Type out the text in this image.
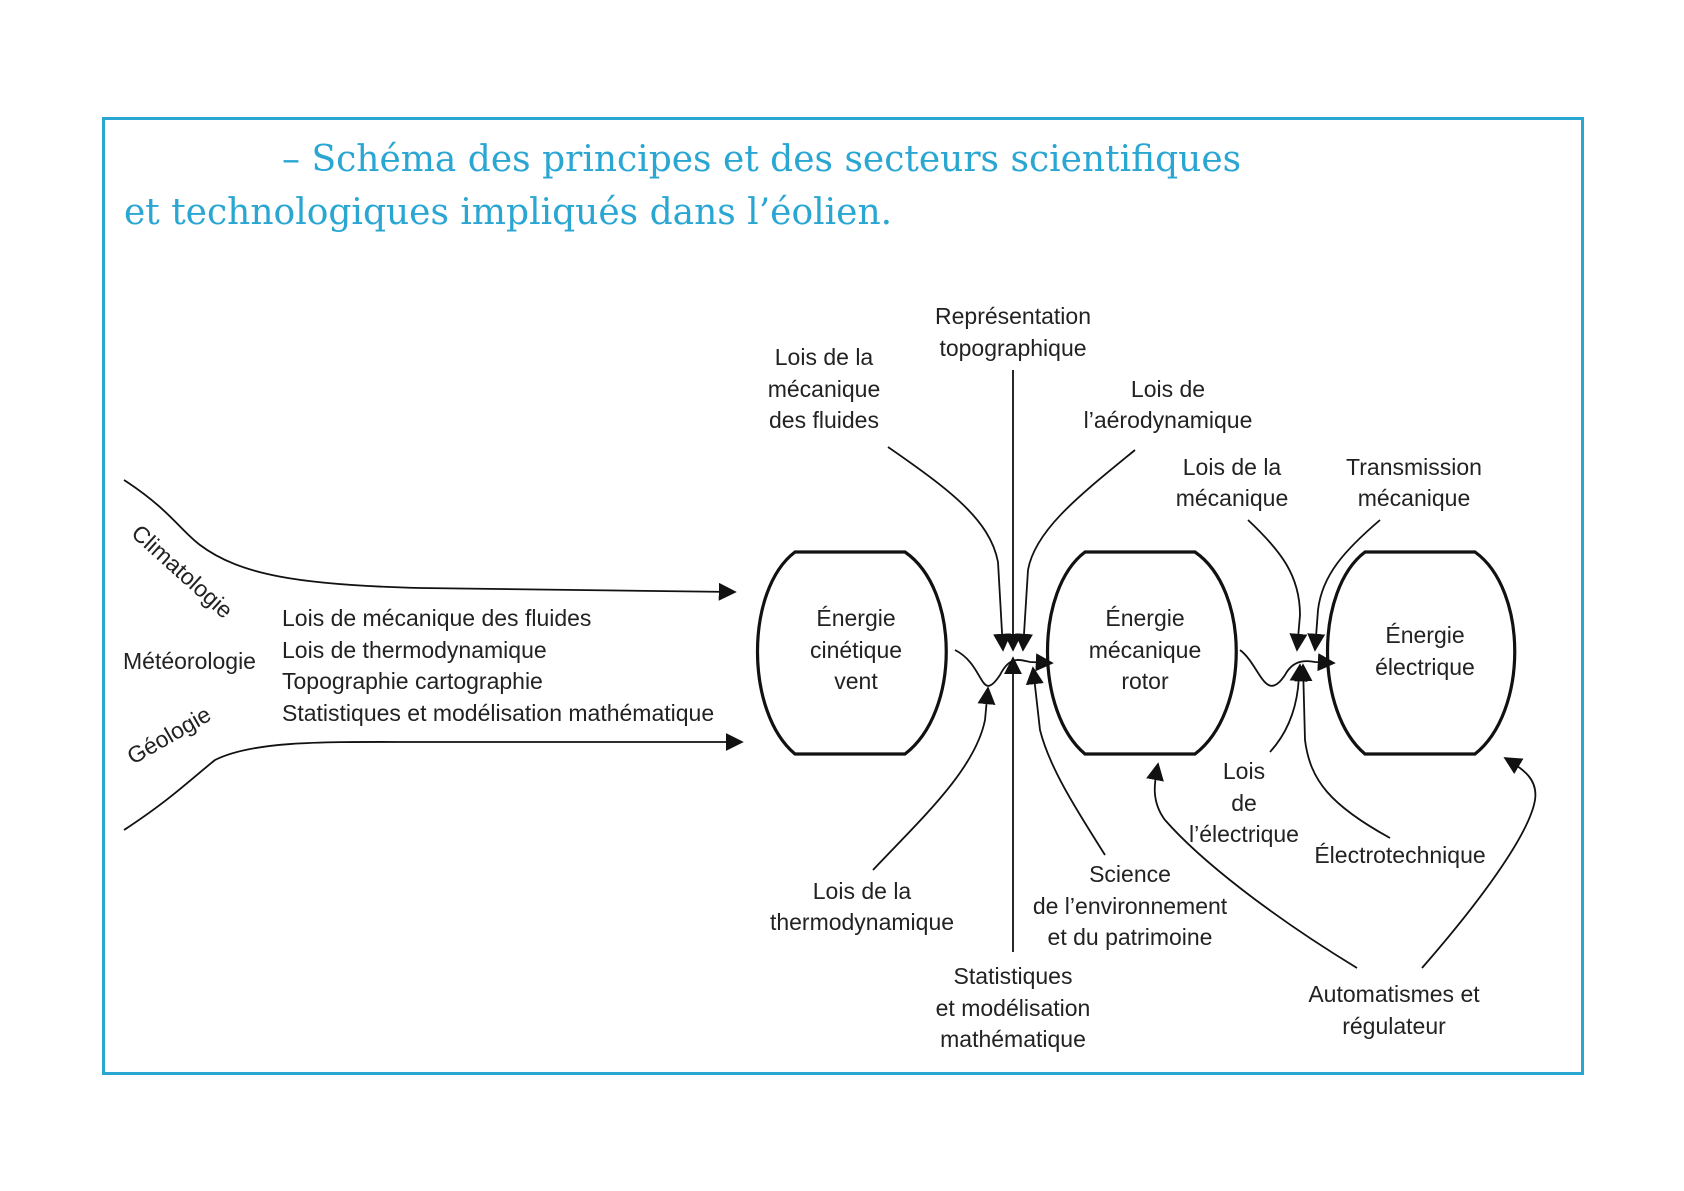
– Schéma des principes et des secteurs scientifiques
et technologiques impliqués dans l’éolien.
Climatologie
Météorologie
Géologie
Lois de mécanique des fluides
Lois de thermodynamique
Topographie cartographie
Statistiques et modélisation mathématique
Énergie
cinétique
vent
Énergie
mécanique
rotor
Énergie
électrique
Représentation
topographique
Lois de la
mécanique
des fluides
Lois de
l’aérodynamique
Lois de la
mécanique
Transmission
mécanique
Lois de la
thermodynamique
Science
de l’environnement
et du patrimoine
Statistiques
et modélisation
mathématique
Lois
de
l’électrique
Électrotechnique
Automatismes et
régulateur
